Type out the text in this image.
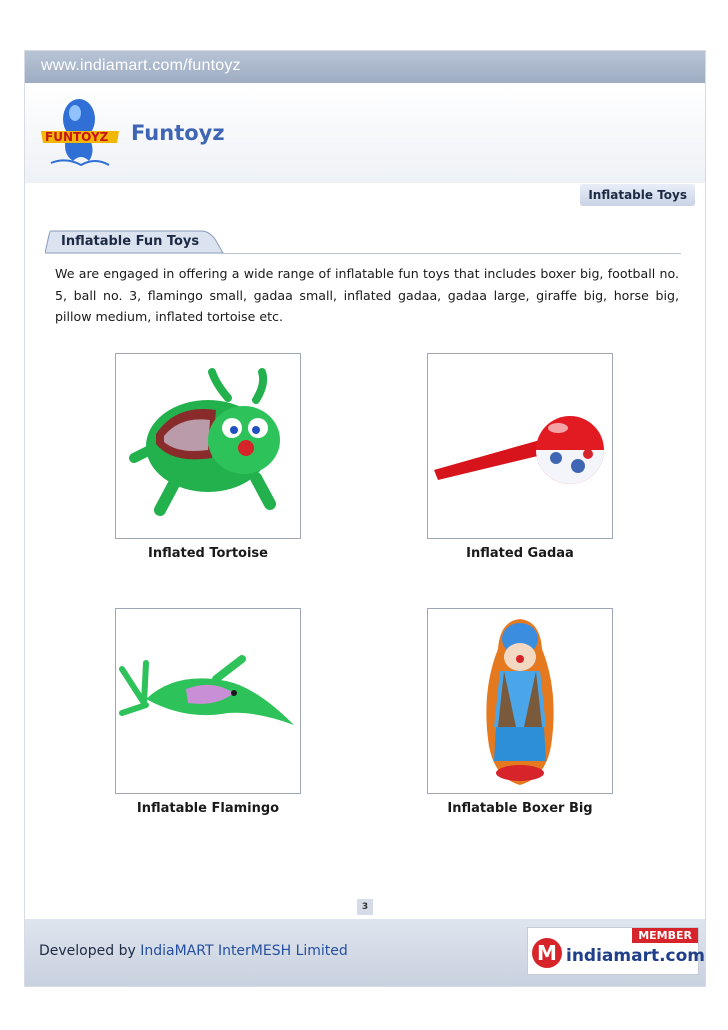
www.indiamart.com/funtoyz
FUNTOYZ Funtoyz
Inflatable Toys
Inflatable Fun Toys
We are engaged in offering a wide range of inflatable fun toys that includes boxer big, football no. 5, ball no. 3, flamingo small, gadaa small, inflated gadaa, gadaa large, giraffe big, horse big, pillow medium, inflated tortoise etc.
Inflated Tortoise	Inflated Gadaa
Inflatable Flamingo	Inflatable Boxer Big
3
Developed by IndiaMART InterMESH Limited
MEMBER
M indiamart.com
